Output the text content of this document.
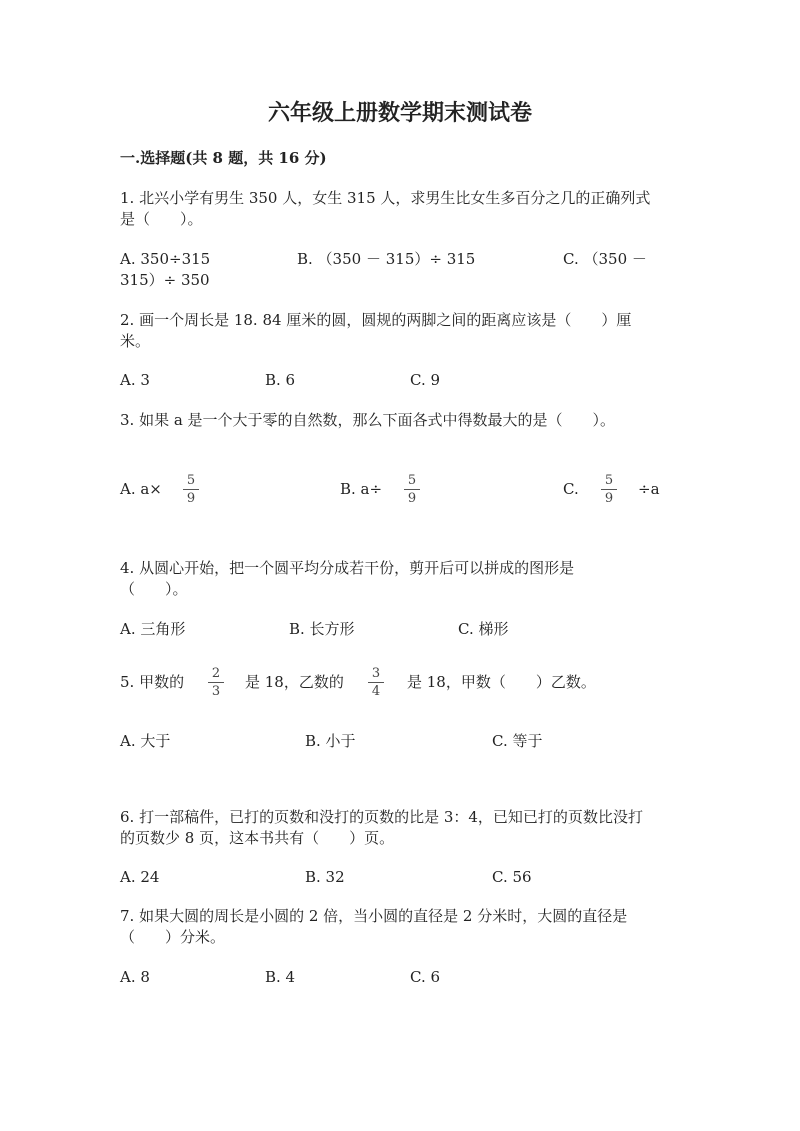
六年级上册数学期末测试卷
一.选择题(共 8 题，共 16 分)
1. 北兴小学有男生 350 人，女生 315 人，求男生比女生多百分之几的正确列式
是（　　）。
A. 350÷315	B. （350 － 315）÷ 315	C. （350 －
315）÷ 350
2. 画一个周长是 18. 84 厘米的圆，圆规的两脚之间的距离应该是（　　）厘
米。
A. 3	B. 6	C. 9
3. 如果 a 是一个大于零的自然数，那么下面各式中得数最大的是（　　）。
A. a× 5
9
B. a÷ 5
9
C. 5
9
÷a
4. 从圆心开始，把一个圆平均分成若干份，剪开后可以拼成的图形是
（　　）。
A. 三角形	B. 长方形	C. 梯形
5. 甲数的 2
3
是 18，乙数的 3
4
是 18，甲数（　　）乙数。
A. 大于	B. 小于	C. 等于
6. 打一部稿件，已打的页数和没打的页数的比是 3：4，已知已打的页数比没打
的页数少 8 页，这本书共有（　　）页。
A. 24	B. 32	C. 56
7. 如果大圆的周长是小圆的 2 倍，当小圆的直径是 2 分米时，大圆的直径是
（　　）分米。
A. 8	B. 4	C. 6
